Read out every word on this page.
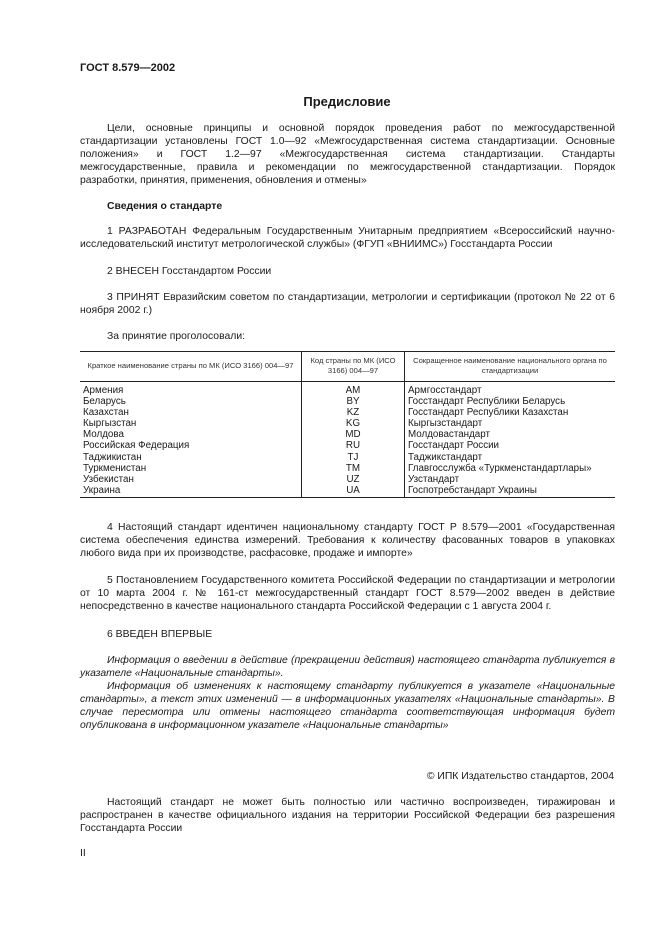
ГОСТ 8.579—2002
Предисловие

Цели, основные принципы и основной порядок проведения работ по межгосударственной стандартизации установлены ГОСТ 1.0—92 «Межгосударственная система стандартизации. Основные положения» и ГОСТ 1.2—97 «Межгосударственная система стандартизации. Стандарты межгосударственные, правила и рекомендации по межгосударственной стандартизации. Порядок разработки, принятия, применения, обновления и отмены»

Сведения о стандарте

1 РАЗРАБОТАН Федеральным Государственным Унитарным предприятием «Всероссийский научно-исследовательский институт метрологической службы» (ФГУП «ВНИИМС») Госстандарта России

2 ВНЕСЕН Госстандартом России

3 ПРИНЯТ Евразийским советом по стандартизации, метрологии и сертификации (протокол № 22 от 6 ноября 2002 г.)

За принятие проголосовали:

Краткое наименование страны по МК (ИСО 3166) 004—97	Код страны по МК (ИСО 3166) 004—97	Сокращенное наименование национального органа по стандартизации
Армения	AM	Армгосстандарт
Беларусь	BY	Госстандарт Республики Беларусь
Казахстан	KZ	Госстандарт Республики Казахстан
Кыргызстан	KG	Кыргызстандарт
Молдова	MD	Молдовастандарт
Российская Федерация	RU	Госстандарт России
Таджикистан	TJ	Таджикстандарт
Туркменистан	TM	Главгосслужба «Туркменстандартлары»
Узбекистан	UZ	Узстандарт
Украина	UA	Госпотребстандарт Украины

4 Настоящий стандарт идентичен национальному стандарту ГОСТ Р 8.579—2001 «Государственная система обеспечения единства измерений. Требования к количеству фасованных товаров в упаковках любого вида при их производстве, расфасовке, продаже и импорте»

5 Постановлением Государственного комитета Российской Федерации по стандартизации и метрологии от 10 марта 2004 г. № 161-ст межгосударственный стандарт ГОСТ 8.579—2002 введен в действие непосредственно в качестве национального стандарта Российской Федерации с 1 августа 2004 г.

6 ВВЕДЕН ВПЕРВЫЕ

Информация о введении в действие (прекращении действия) настоящего стандарта публикуется в указателе «Национальные стандарты».

Информация об изменениях к настоящему стандарту публикуется в указателе «Национальные стандарты», а текст этих изменений — в информационных указателях «Национальные стандарты». В случае пересмотра или отмены настоящего стандарта соответствующая информация будет опубликована в информационном указателе «Национальные стандарты»

© ИПК Издательство стандартов, 2004

Настоящий стандарт не может быть полностью или частично воспроизведен, тиражирован и распространен в качестве официального издания на территории Российской Федерации без разрешения Госстандарта России

II
